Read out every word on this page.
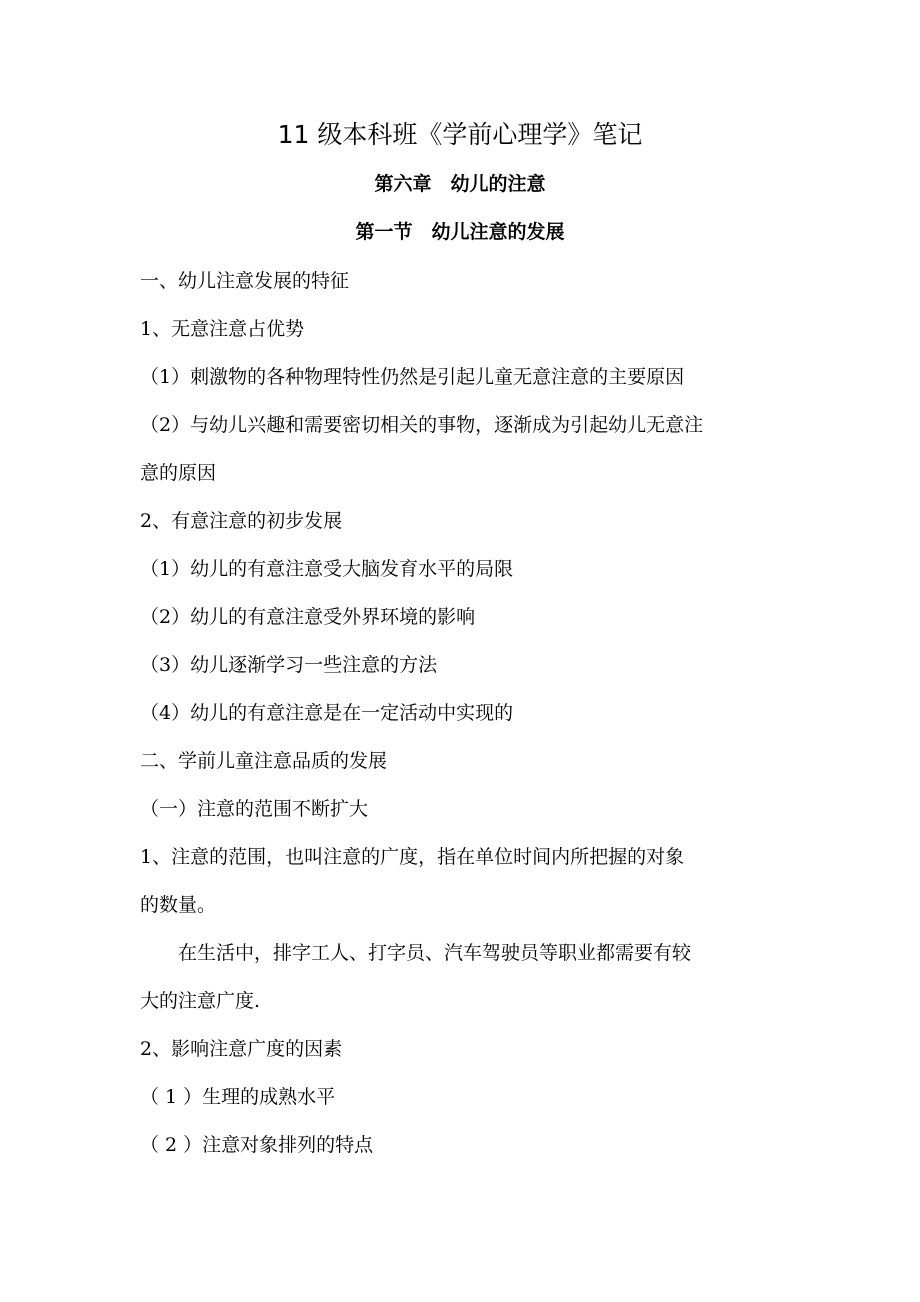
11 级本科班《学前心理学》笔记
第六章　幼儿的注意
第一节　幼儿注意的发展
一、幼儿注意发展的特征
1、无意注意占优势
（1）刺激物的各种物理特性仍然是引起儿童无意注意的主要原因
（2）与幼儿兴趣和需要密切相关的事物，逐渐成为引起幼儿无意注
意的原因
2、有意注意的初步发展
（1）幼儿的有意注意受大脑发育水平的局限
（2）幼儿的有意注意受外界环境的影响
（3）幼儿逐渐学习一些注意的方法
（4）幼儿的有意注意是在一定活动中实现的
二、学前儿童注意品质的发展
（一）注意的范围不断扩大
1、注意的范围，也叫注意的广度，指在单位时间内所把握的对象
的数量。
　　在生活中，排字工人、打字员、汽车驾驶员等职业都需要有较
大的注意广度.
2、影响注意广度的因素
（ 1 ）生理的成熟水平
（ 2 ）注意对象排列的特点
